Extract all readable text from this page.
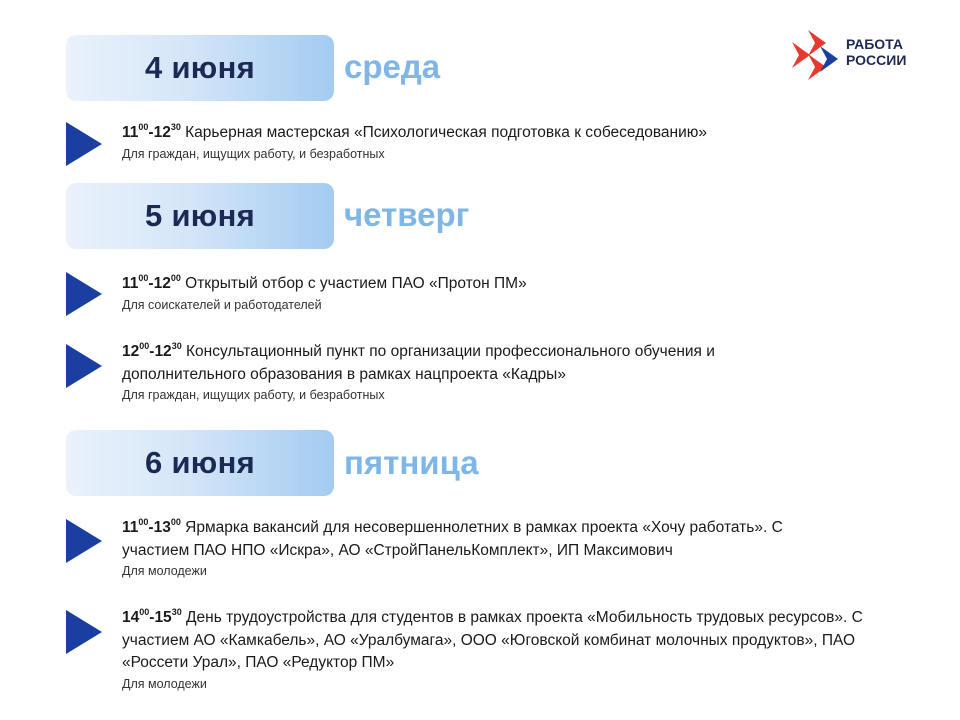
РАБОТА
РОССИИ
4 июня	среда
$11^{00}-12^{30}$ Карьерная мастерская «Психологическая подготовка к собеседованию»
Для граждан, ищущих работу, и безработных
5 июня	четверг
$11^{00}-12^{00}$ Открытый отбор с участием ПАО «Протон ПМ»
Для соискателей и работодателей
$12^{00}-12^{30}$ Консультационный пункт по организации профессионального обучения и дополнительного образования в рамках нацпроекта «Кадры»
Для граждан, ищущих работу, и безработных
6 июня	пятница
$11^{00}-13^{00}$ Ярмарка вакансий для несовершеннолетних в рамках проекта «Хочу работать». С участием ПАО НПО «Искра», АО «СтройПанельКомплект», ИП Максимович
Для молодежи
$14^{00}-15^{30}$ День трудоустройства для студентов в рамках проекта «Мобильность трудовых ресурсов». С участием АО «Камкабель», АО «Уралбумага», ООО «Юговской комбинат молочных продуктов», ПАО «Россети Урал», ПАО «Редуктор ПМ»
Для молодежи
